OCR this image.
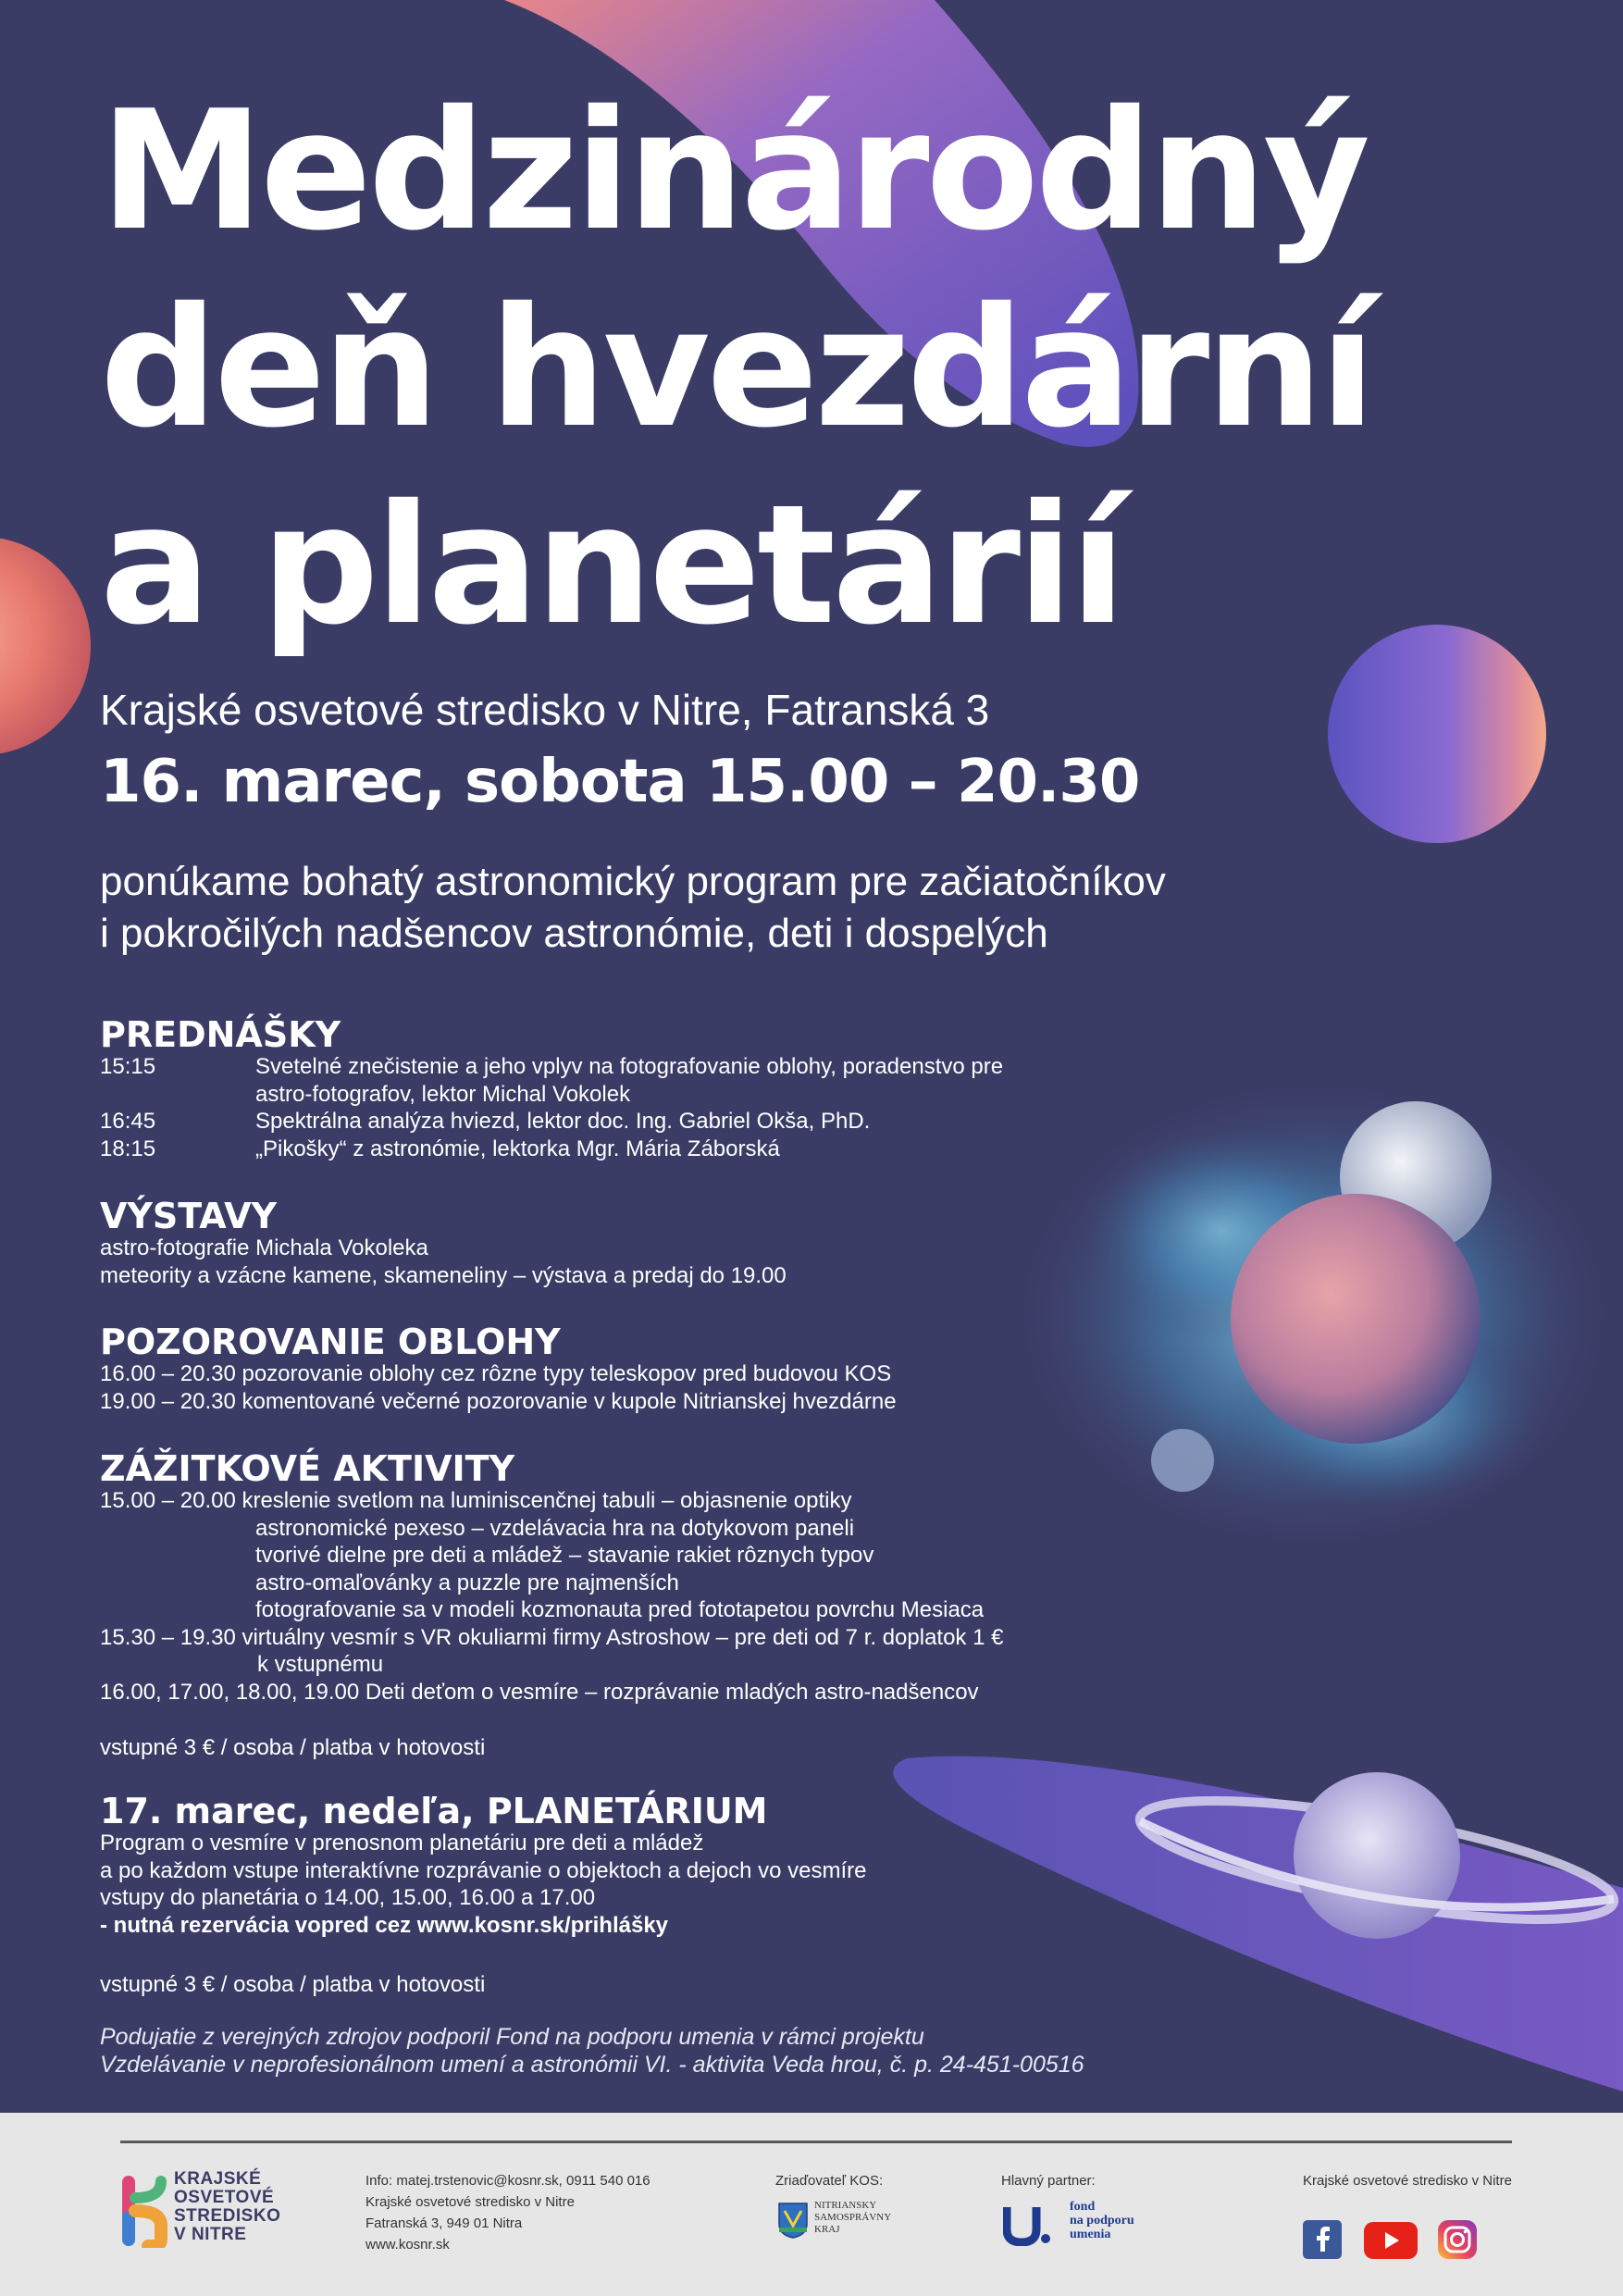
Medzinárodný
deň hvezdární
a planetárií
Krajské osvetové stredisko v Nitre, Fatranská 3
16. marec, sobota 15.00 – 20.30
ponúkame bohatý astronomický program pre začiatočníkov
i pokročilých nadšencov astronómie, deti i dospelých
PREDNÁŠKY
15:15	Svetelné znečistenie a jeho vplyv na fotografovanie oblohy, poradenstvo pre
astro-fotografov, lektor Michal Vokolek
16:45	Spektrálna analýza hviezd, lektor doc. Ing. Gabriel Okša, PhD.
18:15	„Pikošky“ z astronómie, lektorka Mgr. Mária Záborská
VÝSTAVY
astro-fotografie Michala Vokoleka
meteority a vzácne kamene, skameneliny – výstava a predaj do 19.00
POZOROVANIE OBLOHY
16.00 – 20.30 pozorovanie oblohy cez rôzne typy teleskopov pred budovou KOS
19.00 – 20.30 komentované večerné pozorovanie v kupole Nitrianskej hvezdárne
ZÁŽITKOVÉ AKTIVITY
15.00 – 20.00 kreslenie svetlom na luminiscenčnej tabuli – objasnenie optiky
astronomické pexeso – vzdelávacia hra na dotykovom paneli
tvorivé dielne pre deti a mládež – stavanie rakiet rôznych typov
astro-omaľovánky a puzzle pre najmenších
fotografovanie sa v modeli kozmonauta pred fototapetou povrchu Mesiaca
15.30 – 19.30 virtuálny vesmír s VR okuliarmi firmy Astroshow – pre deti od 7 r. doplatok 1 €
k vstupnému
16.00, 17.00, 18.00, 19.00 Deti deťom o vesmíre – rozprávanie mladých astro-nadšencov
vstupné 3 € / osoba / platba v hotovosti
17. marec, nedeľa, PLANETÁRIUM
Program o vesmíre v prenosnom planetáriu pre deti a mládež
a po každom vstupe interaktívne rozprávanie o objektoch a dejoch vo vesmíre
vstupy do planetária o 14.00, 15.00, 16.00 a 17.00
- nutná rezervácia vopred cez www.kosnr.sk/prihlášky
vstupné 3 € / osoba / platba v hotovosti
Podujatie z verejných zdrojov podporil Fond na podporu umenia v rámci projektu
Vzdelávanie v neprofesionálnom umení a astronómii VI. - aktivita Veda hrou, č. p. 24-451-00516
KRAJSKÉ
OSVETOVÉ
STREDISKO
V NITRE
Info: matej.trstenovic@kosnr.sk, 0911 540 016
Krajské osvetové stredisko v Nitre
Fatranská 3, 949 01 Nitra
www.kosnr.sk
Zriaďovateľ KOS:
NITRIANSKY
SAMOSPRÁVNY
KRAJ
Hlavný partner:
fond
na podporu
umenia
Krajské osvetové stredisko v Nitre
